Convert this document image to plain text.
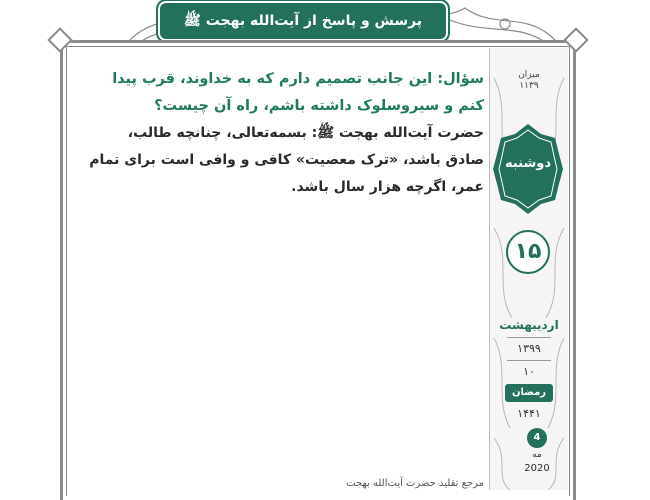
پرسش و پاسخ از آیت‌الله بهجت ﷺ
میزان
۱۱۳۹
دوشنبه
۱۵
اردیبهشت
۱۳۹۹
۱۰
رمضان
۱۴۴۱
4
مه
2020

سؤال: این جانب تصمیم دارم که به خداوند، قرب پیدا کنم و سیروسلوک داشته باشم، راه آن چیست؟

حضرت آیت‌الله بهجت ﷺ: بسمه‌تعالی، چنانچه طالب، صادق باشد، «ترک معصیت» کافی و وافی است برای تمام عمر، اگرچه هزار سال باشد.

مرجع تقلید حضرت آیت‌الله بهجت
